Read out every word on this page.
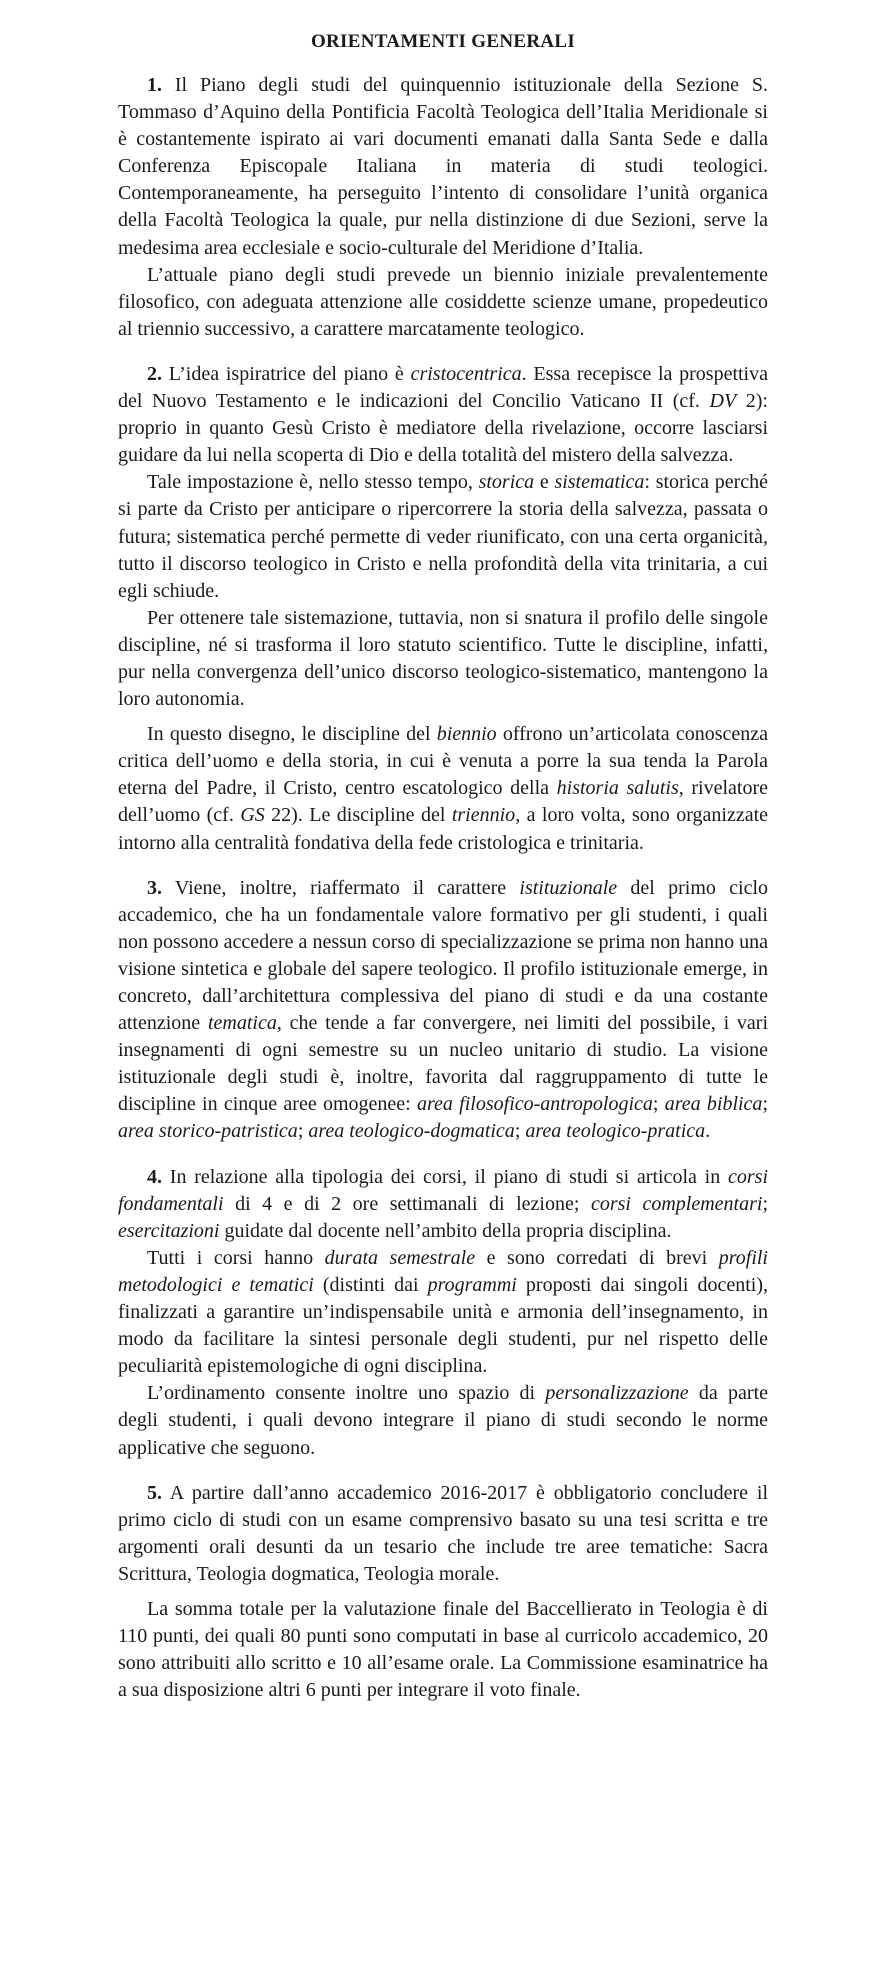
ORIENTAMENTI GENERALI

1. Il Piano degli studi del quinquennio istituzionale della Sezione S. Tommaso d’Aquino della Pontificia Facoltà Teologica dell’Italia Meridionale si è costantemente ispirato ai vari documenti emanati dalla Santa Sede e dalla Conferenza Episcopale Italiana in materia di studi teologici. Contemporaneamente, ha perseguito l’intento di consolidare l’unità organica della Facoltà Teologica la quale, pur nella distinzione di due Sezioni, serve la medesima area ecclesiale e socio-culturale del Meridione d’Italia.

L’attuale piano degli studi prevede un biennio iniziale prevalentemente filosofico, con adeguata attenzione alle cosiddette scienze umane, propedeutico al triennio successivo, a carattere marcatamente teologico.

2. L’idea ispiratrice del piano è cristocentrica. Essa recepisce la prospettiva del Nuovo Testamento e le indicazioni del Concilio Vaticano II (cf. DV 2): proprio in quanto Gesù Cristo è mediatore della rivelazione, occorre lasciarsi guidare da lui nella scoperta di Dio e della totalità del mistero della salvezza.

Tale impostazione è, nello stesso tempo, storica e sistematica: storica perché si parte da Cristo per anticipare o ripercorrere la storia della salvezza, passata o futura; sistematica perché permette di veder riunificato, con una certa organicità, tutto il discorso teologico in Cristo e nella profondità della vita trinitaria, a cui egli schiude.

Per ottenere tale sistemazione, tuttavia, non si snatura il profilo delle singole discipline, né si trasforma il loro statuto scientifico. Tutte le discipline, infatti, pur nella convergenza dell’unico discorso teologico-sistematico, mantengono la loro autonomia.

In questo disegno, le discipline del biennio offrono un’articolata conoscenza critica dell’uomo e della storia, in cui è venuta a porre la sua tenda la Parola eterna del Padre, il Cristo, centro escatologico della historia salutis, rivelatore dell’uomo (cf. GS 22). Le discipline del triennio, a loro volta, sono organizzate intorno alla centralità fondativa della fede cristologica e trinitaria.

3. Viene, inoltre, riaffermato il carattere istituzionale del primo ciclo accademico, che ha un fondamentale valore formativo per gli studenti, i quali non possono accedere a nessun corso di specializzazione se prima non hanno una visione sintetica e globale del sapere teologico. Il profilo istituzionale emerge, in concreto, dall’architettura complessiva del piano di studi e da una costante attenzione tematica, che tende a far convergere, nei limiti del possibile, i vari insegnamenti di ogni semestre su un nucleo unitario di studio. La visione istituzionale degli studi è, inoltre, favorita dal raggruppamento di tutte le discipline in cinque aree omogenee: area filosofico-antropologica; area biblica; area storico-patristica; area teologico-dogmatica; area teologico-pratica.

4. In relazione alla tipologia dei corsi, il piano di studi si articola in corsi fondamentali di 4 e di 2 ore settimanali di lezione; corsi complementari; esercitazioni guidate dal docente nell’ambito della propria disciplina.

Tutti i corsi hanno durata semestrale e sono corredati di brevi profili metodologici e tematici (distinti dai programmi proposti dai singoli docenti), finalizzati a garantire un’indispensabile unità e armonia dell’insegnamento, in modo da facilitare la sintesi personale degli studenti, pur nel rispetto delle peculiarità epistemologiche di ogni disciplina.

L’ordinamento consente inoltre uno spazio di personalizzazione da parte degli studenti, i quali devono integrare il piano di studi secondo le norme applicative che seguono.

5. A partire dall’anno accademico 2016-2017 è obbligatorio concludere il primo ciclo di studi con un esame comprensivo basato su una tesi scritta e tre argomenti orali desunti da un tesario che include tre aree tematiche: Sacra Scrittura, Teologia dogmatica, Teologia morale.

La somma totale per la valutazione finale del Baccellierato in Teologia è di 110 punti, dei quali 80 punti sono computati in base al curricolo accademico, 20 sono attribuiti allo scritto e 10 all’esame orale. La Commissione esaminatrice ha a sua disposizione altri 6 punti per integrare il voto finale.
